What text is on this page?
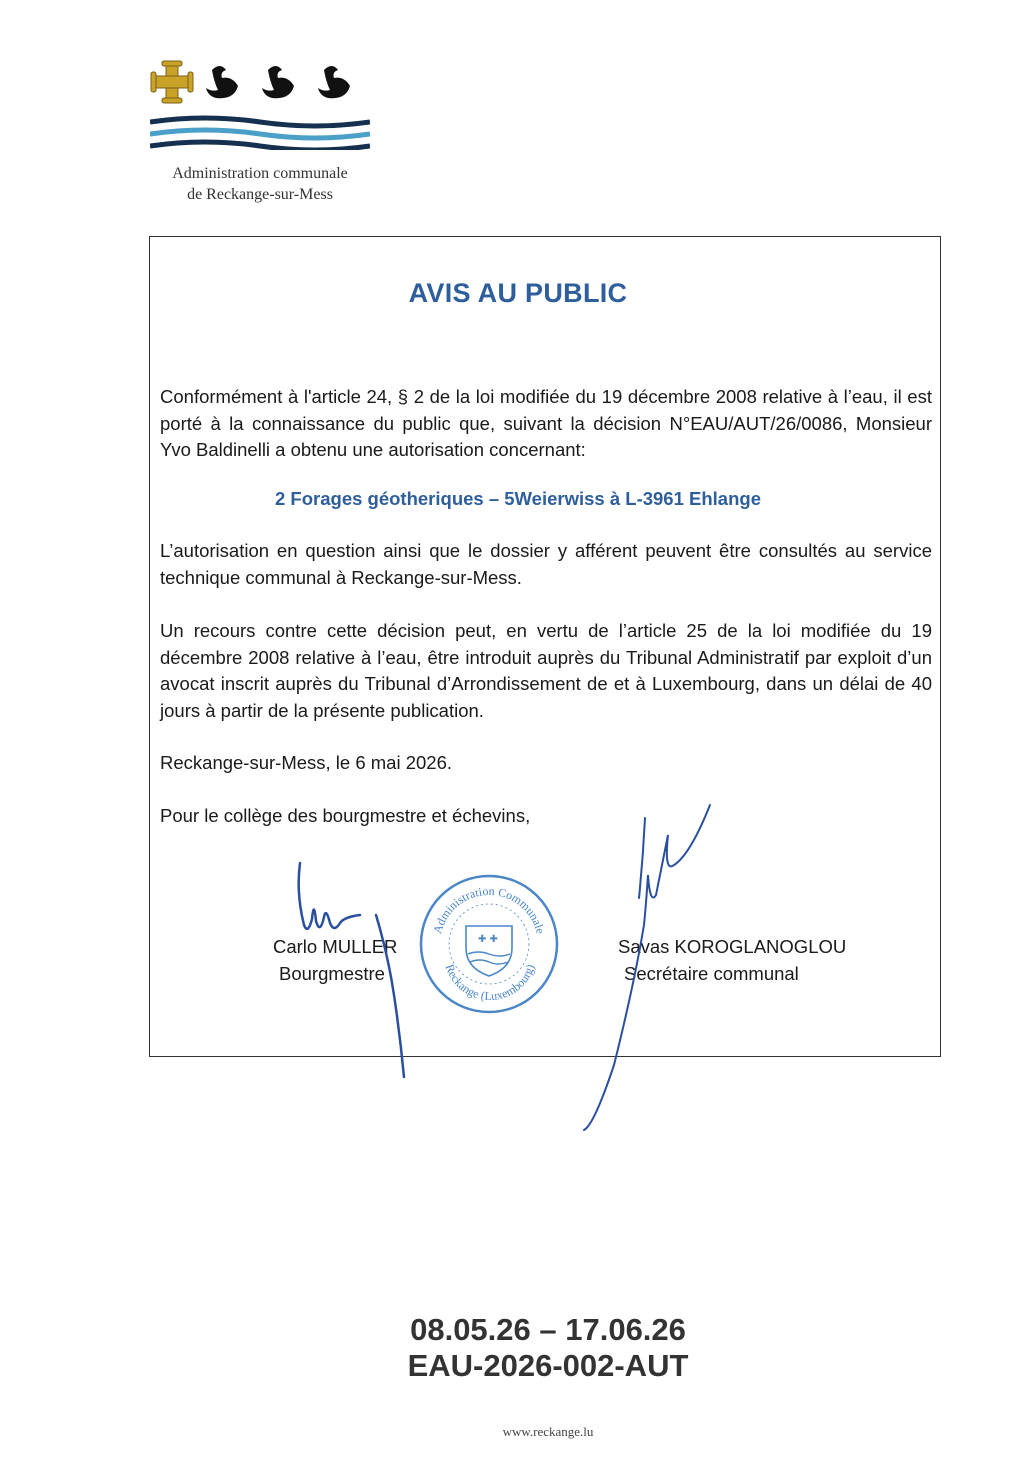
Administration communale
de Reckange-sur-Mess
AVIS AU PUBLIC
Conformément à l'article 24, § 2 de la loi modifiée du 19 décembre 2008 relative à l’eau, il est porté à la connaissance du public que, suivant la décision N°EAU/AUT/26/0086, Monsieur Yvo Baldinelli a obtenu une autorisation concernant:
2 Forages géotheriques – 5Weierwiss à L-3961 Ehlange
L’autorisation en question ainsi que le dossier y afférent peuvent être consultés au service technique communal à Reckange-sur-Mess.
Un recours contre cette décision peut, en vertu de l’article 25 de la loi modifiée du 19 décembre 2008 relative à l’eau, être introduit auprès du Tribunal Administratif par exploit d’un avocat inscrit auprès du Tribunal d’Arrondissement de et à Luxembourg, dans un délai de 40 jours à partir de la présente publication.
Reckange-sur-Mess, le 6 mai 2026.
Pour le collège des bourgmestre et échevins,
Carlo MULLER
Bourgmestre
Administration Communale
Reckange (Luxembourg)
✚ ✚	Savas KOROGLANOGLOU
Secrétaire communal
08.05.26 – 17.06.26
EAU-2026-002-AUT
www.reckange.lu
